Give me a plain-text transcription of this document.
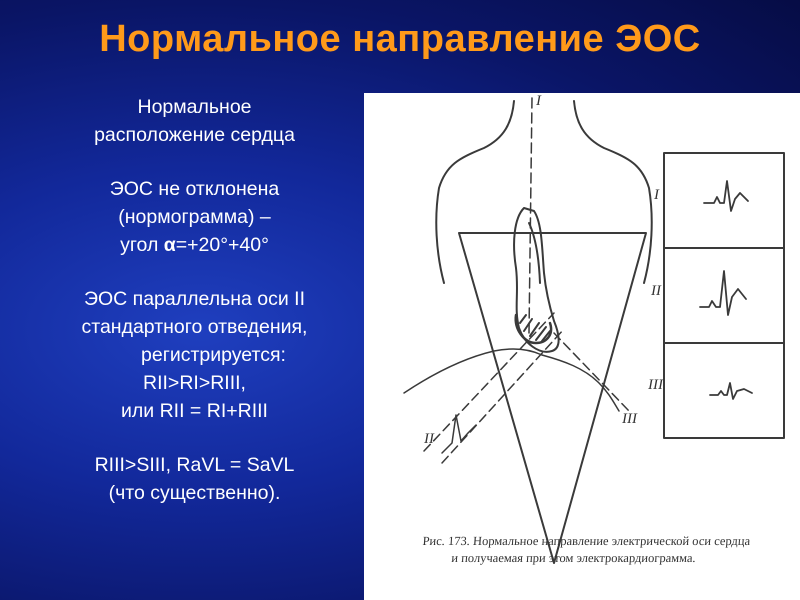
Нормальное направление ЭОС
Нормальное
расположение сердца
ЭОС не отклонена
(нормограмма) –
угол α=+20°+40°
ЭОС параллельна оси II
стандартного отведения,
регистрируется:
RII>RI>RIII,
или RII = RI+RIII
RIII>SIII, RaVL = SaVL
(что существенно).
I
II
III
II
III
I
Рис. 173. Нормальное направление электрической оси сердца
и получаемая при этом электрокардиограмма.
